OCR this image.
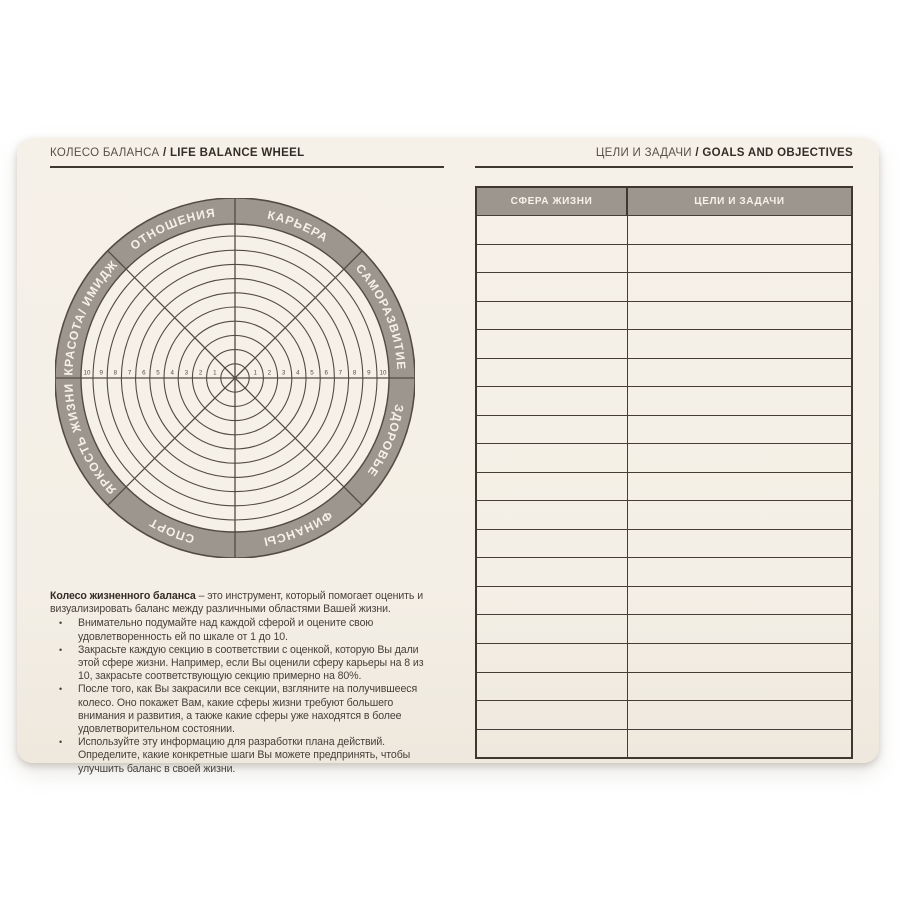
КОЛЕСО БАЛАНСА / LIFE BALANCE WHEEL
1	1
2	2
3	3
4	4
5	5
6	6
7	7
8	8
9	9
10	10
КАРЬЕРА
САМОРАЗВИТИЕ
ЗДОРОВЬЕ
ФИНАНСЫ
СПОРТ
ЯРКОСТЬ ЖИЗНИ
КРАСОТА/ ИМИДЖ
ОТНОШЕНИЯ

Колесо жизненного баланса – это инструмент, который помогает оценить и визуализировать баланс между различными областями Вашей жизни.

•	Внимательно подумайте над каждой сферой и оцените свою удовлетворенность ей по шкале от 1 до 10.
•	Закрасьте каждую секцию в соответствии с оценкой, которую Вы дали этой сфере жизни. Например, если Вы оценили сферу карьеры на 8 из 10, закрасьте соответствующую секцию примерно на 80%.
•	После того, как Вы закрасили все секции, взгляните на получившееся колесо. Оно покажет Вам, какие сферы жизни требуют большего внимания и развития, а также какие сферы уже находятся в более удовлетворительном состоянии.
•	Используйте эту информацию для разработки плана действий. Определите, какие конкретные шаги Вы можете предпринять, чтобы улучшить баланс в своей жизни.
ЦЕЛИ И ЗАДАЧИ / GOALS AND OBJECTIVES
СФЕРА ЖИЗНИ	ЦЕЛИ И ЗАДАЧИ
